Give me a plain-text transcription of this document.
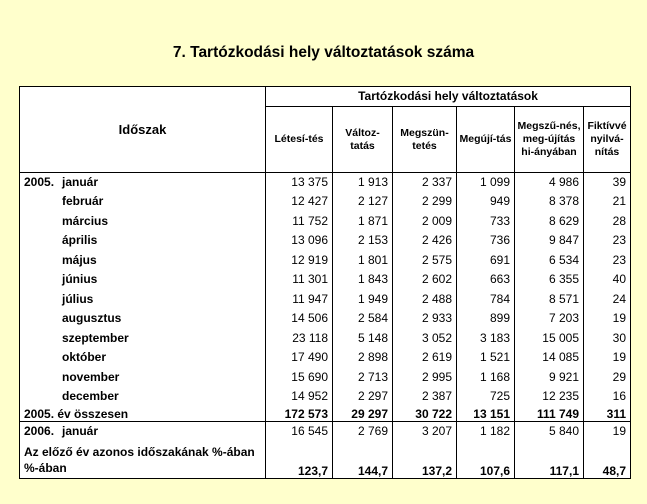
7. Tartózkodási hely változtatások száma
Időszak	Tartózkodási hely változtatások					
	Létesí-tés	Változ-tatás	Megszün-tetés	Megújí-tás	Megszű-nés, meg-újítás hi-ányában	Fiktívvé nyilvá-nítás
2005. január	13 375	1 913	2 337	1 099	4 986	39
február	12 427	2 127	2 299	949	8 378	21
március	11 752	1 871	2 009	733	8 629	28
április	13 096	2 153	2 426	736	9 847	23
május	12 919	1 801	2 575	691	6 534	23
június	11 301	1 843	2 602	663	6 355	40
július	11 947	1 949	2 488	784	8 571	24
augusztus	14 506	2 584	2 933	899	7 203	19
szeptember	23 118	5 148	3 052	3 183	15 005	30
október	17 490	2 898	2 619	1 521	14 085	19
november	15 690	2 713	2 995	1 168	9 921	29
december	14 952	2 297	2 387	725	12 235	16
2005. év összesen	172 573	29 297	30 722	13 151	111 749	311
2006. január	16 545	2 769	3 207	1 182	5 840	19
Az előző év azonos időszakának %-ában %-ában	123,7	144,7	137,2	107,6	117,1	48,7
